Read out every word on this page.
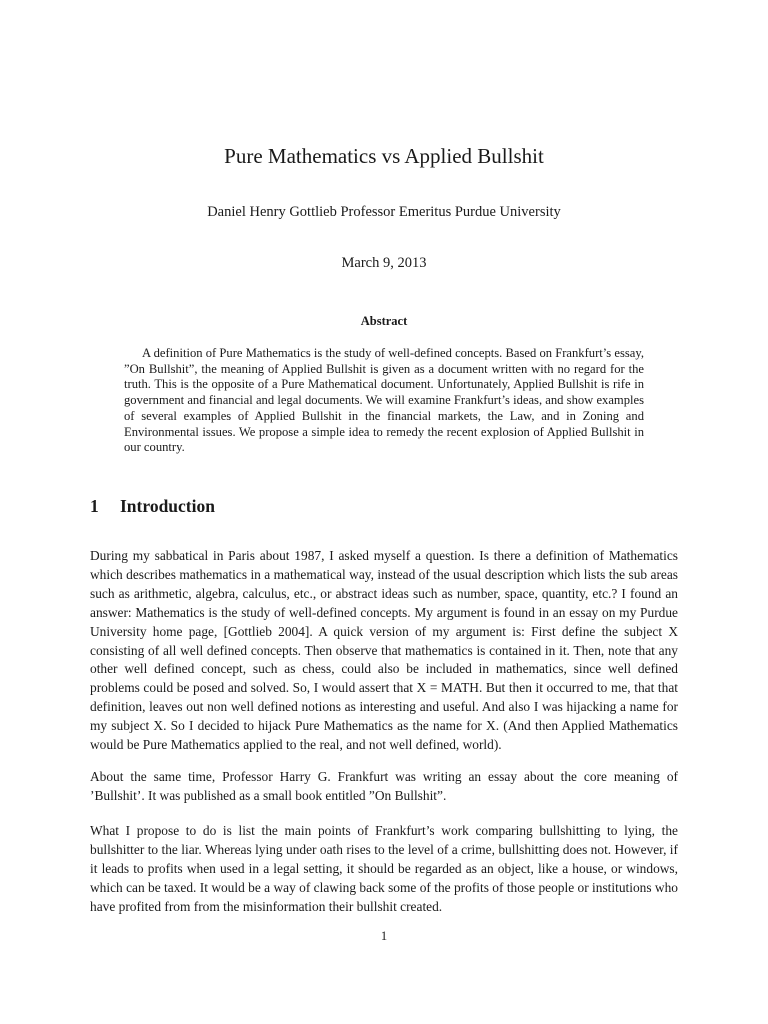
Pure Mathematics vs Applied Bullshit
Daniel Henry Gottlieb Professor Emeritus Purdue University
March 9, 2013
Abstract

A definition of Pure Mathematics is the study of well-defined concepts. Based on Frankfurt’s essay, ”On Bullshit”, the meaning of Applied Bullshit is given as a document written with no regard for the truth. This is the opposite of a Pure Mathematical document. Unfortunately, Applied Bullshit is rife in government and financial and legal documents. We will examine Frankfurt’s ideas, and show examples of several examples of Applied Bullshit in the financial markets, the Law, and in Zoning and Environmental issues. We propose a simple idea to remedy the recent explosion of Applied Bullshit in our country.

1 Introduction

During my sabbatical in Paris about 1987, I asked myself a question. Is there a definition of Mathematics which describes mathematics in a mathematical way, instead of the usual description which lists the sub areas such as arithmetic, algebra, calculus, etc., or abstract ideas such as number, space, quantity, etc.? I found an answer: Mathematics is the study of well-defined concepts. My argument is found in an essay on my Purdue University home page, [Gottlieb 2004]. A quick version of my argument is: First define the subject X consisting of all well defined concepts. Then observe that mathematics is contained in it. Then, note that any other well defined concept, such as chess, could also be included in mathematics, since well defined problems could be posed and solved. So, I would assert that X = MATH. But then it occurred to me, that that definition, leaves out non well defined notions as interesting and useful. And also I was hijacking a name for my subject X. So I decided to hijack Pure Mathematics as the name for X. (And then Applied Mathematics would be Pure Mathematics applied to the real, and not well defined, world).

About the same time, Professor Harry G. Frankfurt was writing an essay about the core meaning of ’Bullshit’. It was published as a small book entitled ”On Bullshit”.

What I propose to do is list the main points of Frankfurt’s work comparing bullshitting to lying, the bullshitter to the liar. Whereas lying under oath rises to the level of a crime, bullshitting does not. However, if it leads to profits when used in a legal setting, it should be regarded as an object, like a house, or windows, which can be taxed. It would be a way of clawing back some of the profits of those people or institutions who have profited from from the misinformation their bullshit created.

1
